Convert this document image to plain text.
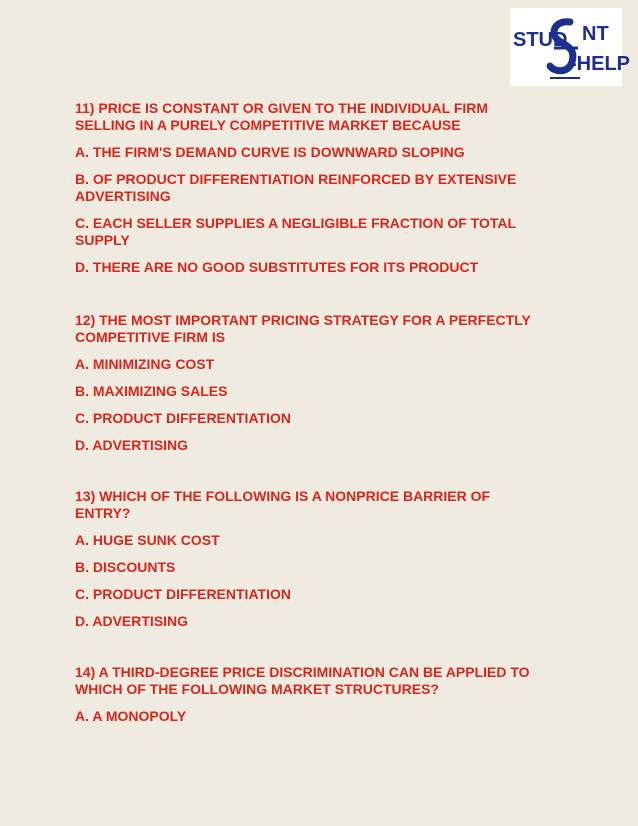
STUD NT
-HELP

11) PRICE IS CONSTANT OR GIVEN TO THE INDIVIDUAL FIRM
SELLING IN A PURELY COMPETITIVE MARKET BECAUSE

A. THE FIRM'S DEMAND CURVE IS DOWNWARD SLOPING

B. OF PRODUCT DIFFERENTIATION REINFORCED BY EXTENSIVE
ADVERTISING

C. EACH SELLER SUPPLIES A NEGLIGIBLE FRACTION OF TOTAL
SUPPLY

D. THERE ARE NO GOOD SUBSTITUTES FOR ITS PRODUCT

12) THE MOST IMPORTANT PRICING STRATEGY FOR A PERFECTLY
COMPETITIVE FIRM IS

A. MINIMIZING COST

B. MAXIMIZING SALES

C. PRODUCT DIFFERENTIATION

D. ADVERTISING

13) WHICH OF THE FOLLOWING IS A NONPRICE BARRIER OF
ENTRY?

A. HUGE SUNK COST

B. DISCOUNTS

C. PRODUCT DIFFERENTIATION

D. ADVERTISING

14) A THIRD-DEGREE PRICE DISCRIMINATION CAN BE APPLIED TO
WHICH OF THE FOLLOWING MARKET STRUCTURES?

A. A MONOPOLY
